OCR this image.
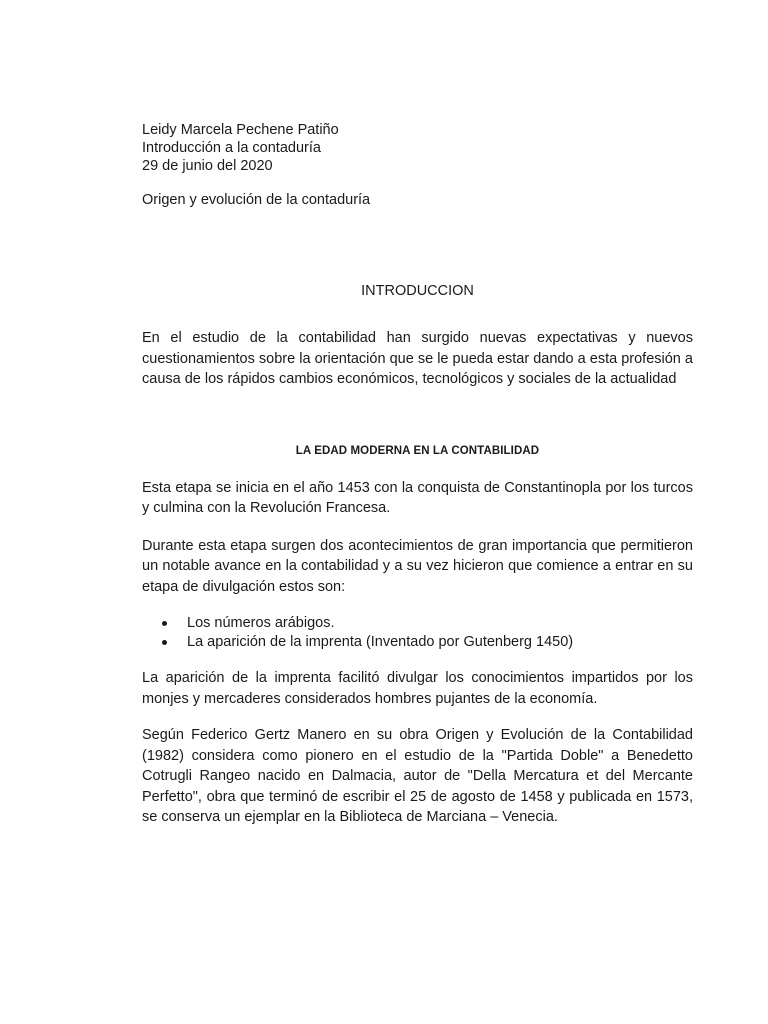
Leidy Marcela Pechene Patiño
Introducción a la contaduría
29 de junio del 2020
Origen y evolución de la contaduría
INTRODUCCION

En el estudio de la contabilidad han surgido nuevas expectativas y nuevos cuestionamientos sobre la orientación que se le pueda estar dando a esta profesión a causa de los rápidos cambios económicos, tecnológicos y sociales de la actualidad

LA EDAD MODERNA EN LA CONTABILIDAD

Esta etapa se inicia en el año 1453 con la conquista de Constantinopla por los turcos y culmina con la Revolución Francesa.

Durante esta etapa surgen dos acontecimientos de gran importancia que permitieron un notable avance en la contabilidad y a su vez hicieron que comience a entrar en su etapa de divulgación estos son:

Los números arábigos.
La aparición de la imprenta (Inventado por Gutenberg 1450)

La aparición de la imprenta facilitó divulgar los conocimientos impartidos por los monjes y mercaderes considerados hombres pujantes de la economía.

Según Federico Gertz Manero en su obra Origen y Evolución de la Contabilidad (1982) considera como pionero en el estudio de la "Partida Doble" a Benedetto Cotrugli Rangeo nacido en Dalmacia, autor de "Della Mercatura et del Mercante Perfetto", obra que terminó de escribir el 25 de agosto de 1458 y publicada en 1573, se conserva un ejemplar en la Biblioteca de Marciana – Venecia.
